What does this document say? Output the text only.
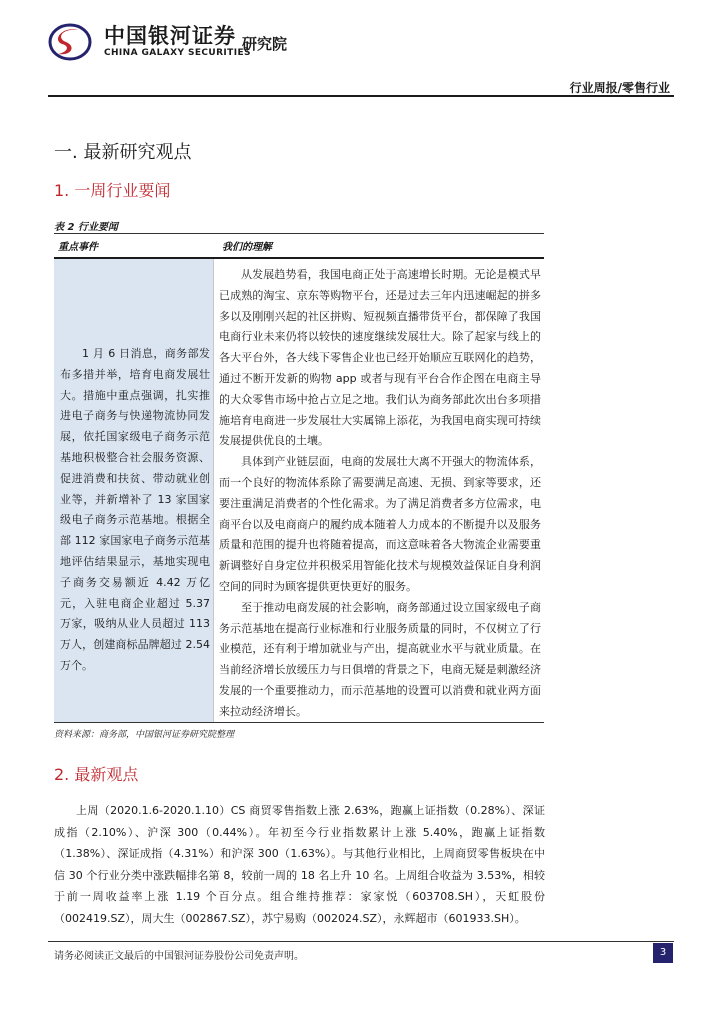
中国银河证券
CHINA GALAXY SECURITIES
研究院
行业周报/零售行业
一. 最新研究观点
1. 一周行业要闻
表 2 行业要闻
重点事件	我们的理解
1 月 6 日消息，商务部发布多措并举，培育电商发展壮大。措施中重点强调，扎实推进电子商务与快递物流协同发展，依托国家级电子商务示范基地积极整合社会服务资源、促进消费和扶贫、带动就业创业等，并新增补了 13 家国家级电子商务示范基地。根据全部 112 家国家电子商务示范基地评估结果显示，基地实现电子商务交易额近 4.42 万亿元，入驻电商企业超过 5.37 万家，吸纳从业人员超过 113 万人，创建商标品牌超过 2.54 万个。

从发展趋势看，我国电商正处于高速增长时期。无论是模式早已成熟的淘宝、京东等购物平台，还是过去三年内迅速崛起的拼多多以及刚刚兴起的社区拼购、短视频直播带货平台，都保障了我国电商行业未来仍将以较快的速度继续发展壮大。除了起家与线上的各大平台外，各大线下零售企业也已经开始顺应互联网化的趋势，通过不断开发新的购物 app 或者与现有平台合作企图在电商主导的大众零售市场中抢占立足之地。我们认为商务部此次出台多项措施培育电商进一步发展壮大实属锦上添花，为我国电商实现可持续发展提供优良的土壤。

具体到产业链层面，电商的发展壮大离不开强大的物流体系，而一个良好的物流体系除了需要满足高速、无损、到家等要求，还要注重满足消费者的个性化需求。为了满足消费者多方位需求，电商平台以及电商商户的履约成本随着人力成本的不断提升以及服务质量和范围的提升也将随着提高，而这意味着各大物流企业需要重新调整好自身定位并积极采用智能化技术与规模效益保证自身利润空间的同时为顾客提供更快更好的服务。

至于推动电商发展的社会影响，商务部通过设立国家级电子商务示范基地在提高行业标准和行业服务质量的同时，不仅树立了行业模范，还有利于增加就业与产出，提高就业水平与就业质量。在当前经济增长放缓压力与日俱增的背景之下，电商无疑是刺激经济发展的一个重要推动力，而示范基地的设置可以消费和就业两方面来拉动经济增长。

资料来源：商务部，中国银河证券研究院整理
2. 最新观点
上周（2020.1.6-2020.1.10）CS 商贸零售指数上涨 2.63%，跑赢上证指数（0.28%）、深证成指（2.10%）、沪深 300（0.44%）。年初至今行业指数累计上涨 5.40%，跑赢上证指数（1.38%）、深证成指（4.31%）和沪深 300（1.63%）。与其他行业相比，上周商贸零售板块在中信 30 个行业分类中涨跌幅排名第 8，较前一周的 18 名上升 10 名。上周组合收益为 3.53%，相较于前一周收益率上涨 1.19 个百分点。组合维持推荐：家家悦（603708.SH），天虹股份（002419.SZ），周大生（002867.SZ），苏宁易购（002024.SZ），永辉超市（601933.SH）。
请务必阅读正文最后的中国银河证券股份公司免责声明。	3
